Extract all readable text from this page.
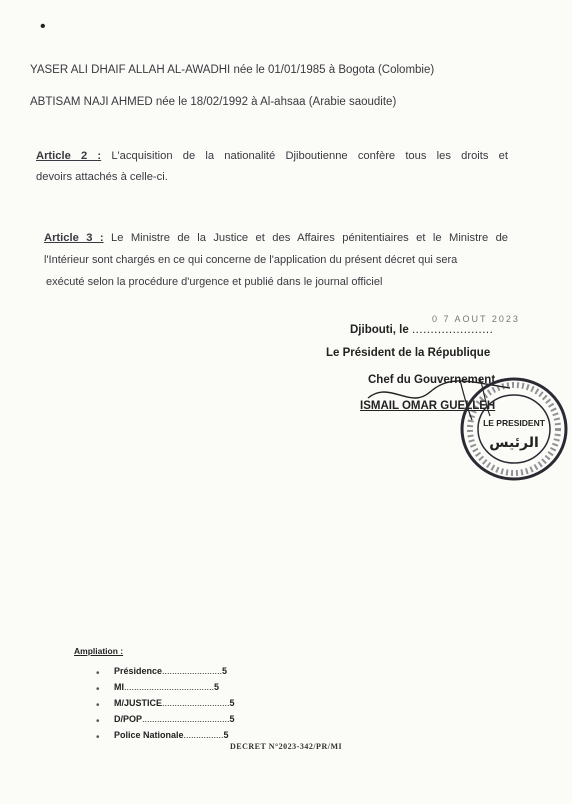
•
YASER ALI DHAIF ALLAH AL-AWADHI née le 01/01/1985 à Bogota (Colombie)
ABTISAM NAJI AHMED née le 18/02/1992 à Al-ahsaa (Arabie saoudite)
Article 2 : L'acquisition de la nationalité Djiboutienne confère tous les droits et
devoirs attachés à celle-ci.
Article 3 : Le Ministre de la Justice et des Affaires pénitentiaires et le Ministre de
l'Intérieur sont chargés en ce qui concerne de l'application du présent décret qui sera
exécuté selon la procédure d'urgence et publié dans le journal officiel
0 7 AOUT 2023
Djibouti, le ......................
Le Président de la République
Chef du Gouvernement
ISMAIL OMAR GUELLEH
LE PRESIDENT
الرئيس
Ampliation :
• Présidence........................5
• MI....................................5
• M/JUSTICE...........................5
• D/POP...................................5
• Police Nationale................5
DECRET N°2023-342/PR/MI
